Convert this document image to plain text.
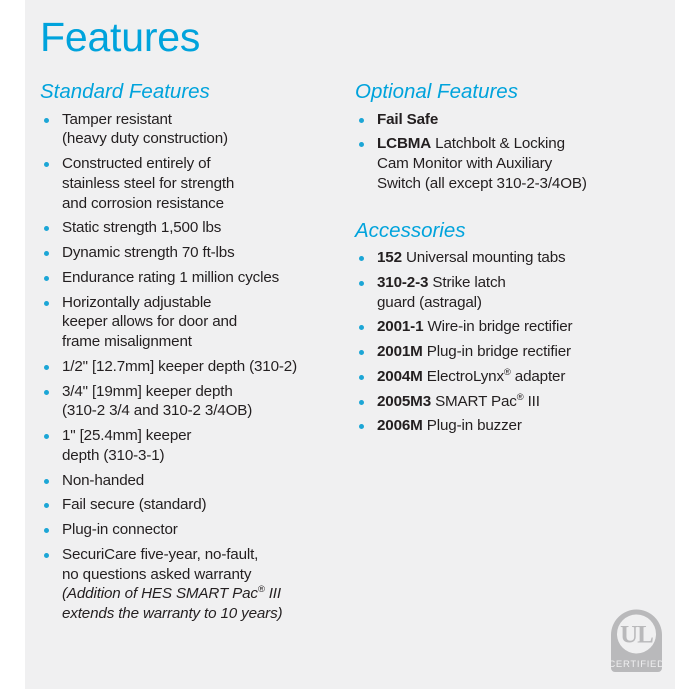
Features
Standard Features
Tamper resistant
(heavy duty construction)
Constructed entirely of
stainless steel for strength
and corrosion resistance
Static strength 1,500 lbs
Dynamic strength 70 ft-lbs
Endurance rating 1 million cycles
Horizontally adjustable
keeper allows for door and
frame misalignment
1/2" [12.7mm] keeper depth (310-2)
3/4" [19mm] keeper depth
(310-2 3/4 and 310-2 3/4OB)
1" [25.4mm] keeper
depth (310-3-1)
Non-handed
Fail secure (standard)
Plug-in connector
SecuriCare five-year, no-fault,
no questions asked warranty
(Addition of HES SMART Pac® III
extends the warranty to 10 years)
Optional Features
Fail Safe
LCBMA Latchbolt & Locking
Cam Monitor with Auxiliary
Switch (all except 310-2-3/4OB)
Accessories
152 Universal mounting tabs
310-2-3 Strike latch
guard (astragal)
2001-1 Wire-in bridge rectifier
2001M Plug-in bridge rectifier
2004M ElectroLynx® adapter
2005M3 SMART Pac® III
2006M Plug-in buzzer
UL
CERTIFIED
